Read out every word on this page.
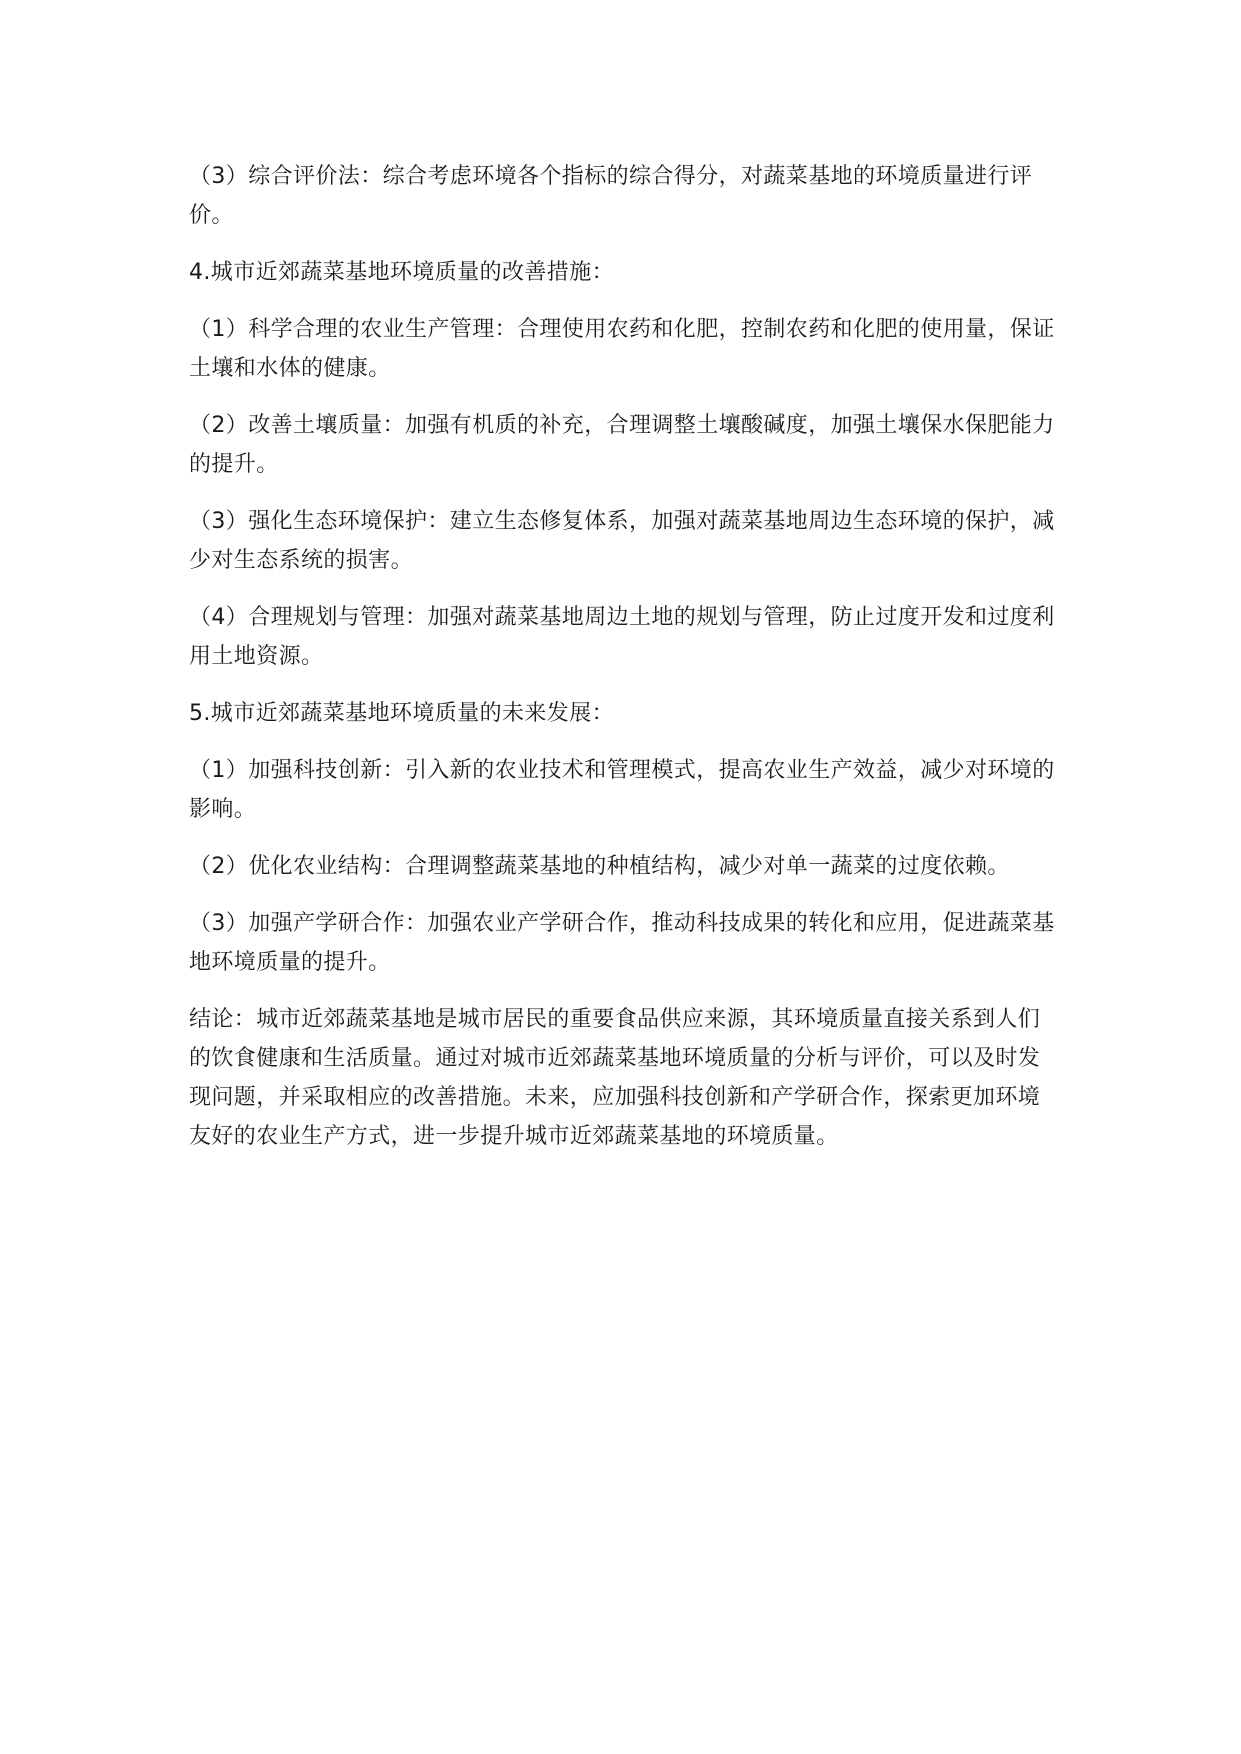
（3）综合评价法：综合考虑环境各个指标的综合得分，对蔬菜基地的环境质量进行评价。

4.城市近郊蔬菜基地环境质量的改善措施：

（1）科学合理的农业生产管理：合理使用农药和化肥，控制农药和化肥的使用量，保证土壤和水体的健康。

（2）改善土壤质量：加强有机质的补充，合理调整土壤酸碱度，加强土壤保水保肥能力的提升。

（3）强化生态环境保护：建立生态修复体系，加强对蔬菜基地周边生态环境的保护，减少对生态系统的损害。

（4）合理规划与管理：加强对蔬菜基地周边土地的规划与管理，防止过度开发和过度利用土地资源。

5.城市近郊蔬菜基地环境质量的未来发展：

（1）加强科技创新：引入新的农业技术和管理模式，提高农业生产效益，减少对环境的影响。

（2）优化农业结构：合理调整蔬菜基地的种植结构，减少对单一蔬菜的过度依赖。

（3）加强产学研合作：加强农业产学研合作，推动科技成果的转化和应用，促进蔬菜基地环境质量的提升。

结论：城市近郊蔬菜基地是城市居民的重要食品供应来源，其环境质量直接关系到人们的饮食健康和生活质量。通过对城市近郊蔬菜基地环境质量的分析与评价，可以及时发现问题，并采取相应的改善措施。未来，应加强科技创新和产学研合作，探索更加环境友好的农业生产方式，进一步提升城市近郊蔬菜基地的环境质量。
